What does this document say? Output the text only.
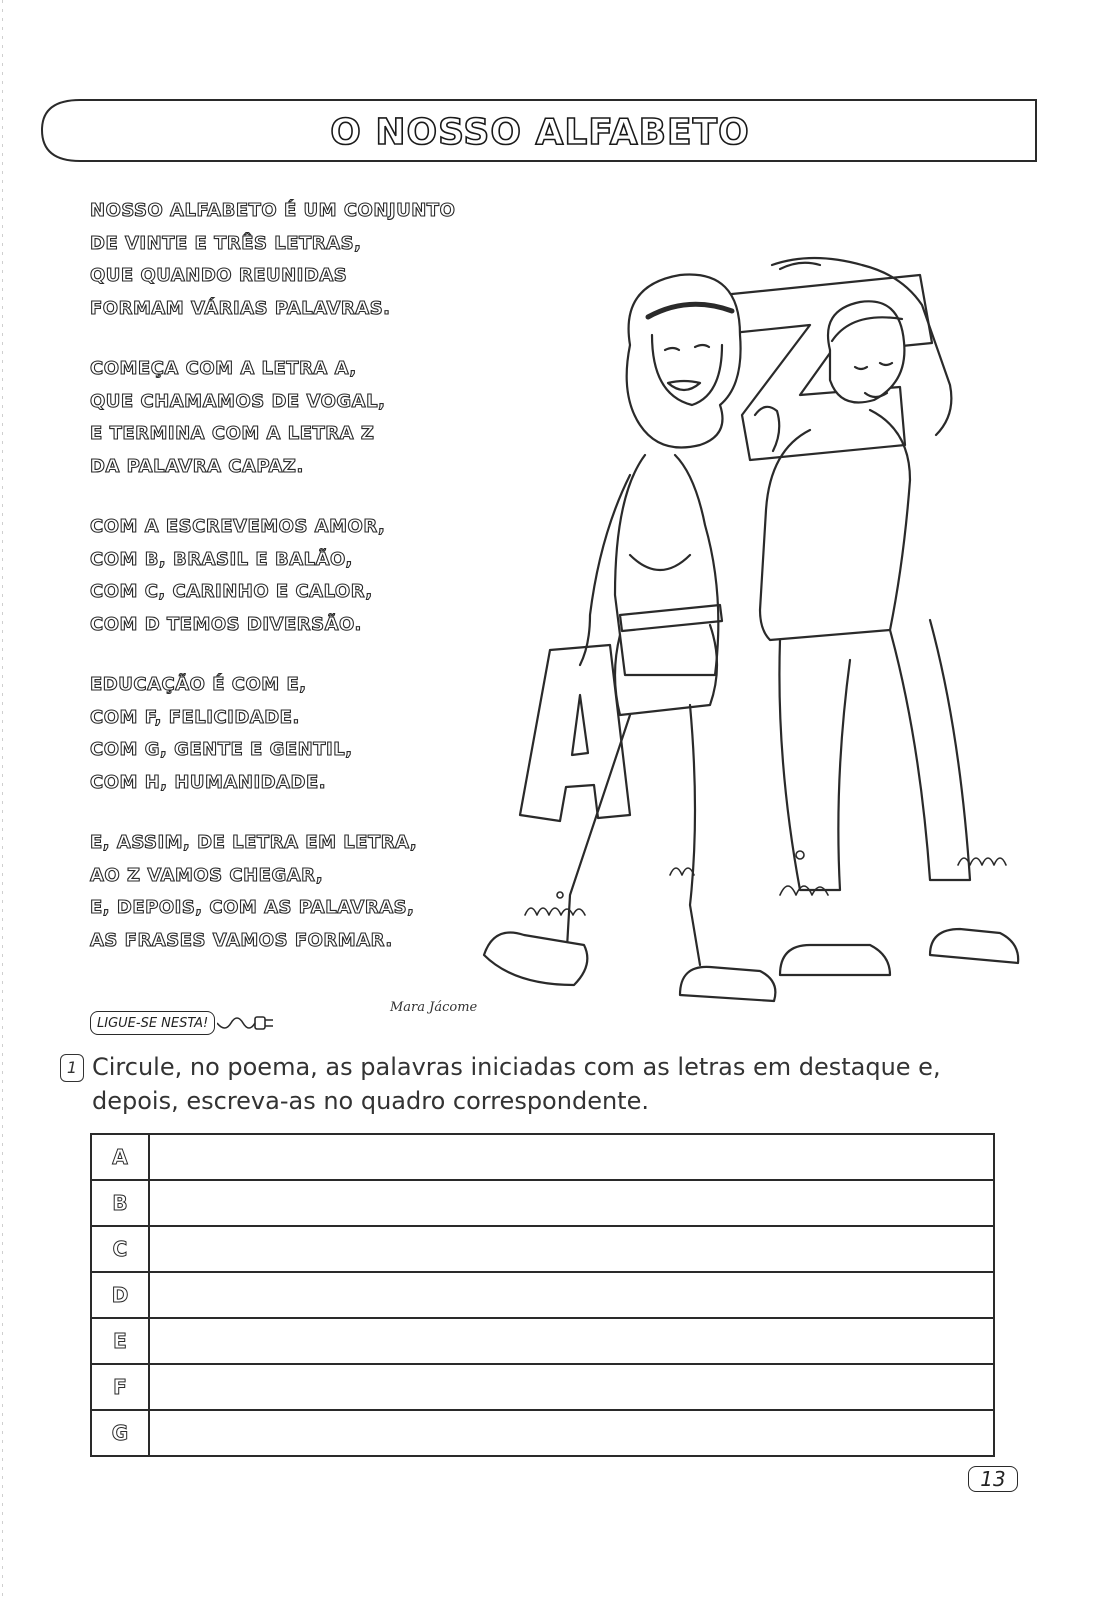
O NOSSO ALFABETO
NOSSO ALFABETO É UM CONJUNTO
DE VINTE E TRÊS LETRAS,
QUE QUANDO REUNIDAS
FORMAM VÁRIAS PALAVRAS.
COMEÇA COM A LETRA A,
QUE CHAMAMOS DE VOGAL,
E TERMINA COM A LETRA Z
DA PALAVRA CAPAZ.
COM A ESCREVEMOS AMOR,
COM B, BRASIL E BALÃO,
COM C, CARINHO E CALOR,
COM D TEMOS DIVERSÃO.
EDUCAÇÃO É COM E,
COM F, FELICIDADE.
COM G, GENTE E GENTIL,
COM H, HUMANIDADE.
E, ASSIM, DE LETRA EM LETRA,
AO Z VAMOS CHEGAR,
E, DEPOIS, COM AS PALAVRAS,
AS FRASES VAMOS FORMAR.
Mara Jácome
LIGUE-SE NESTA!
1 Circule, no poema, as palavras iniciadas com as letras em destaque e,
depois, escreva-as no quadro correspondente.
A	
B	
C	
D	
E	
F	
G	
13
